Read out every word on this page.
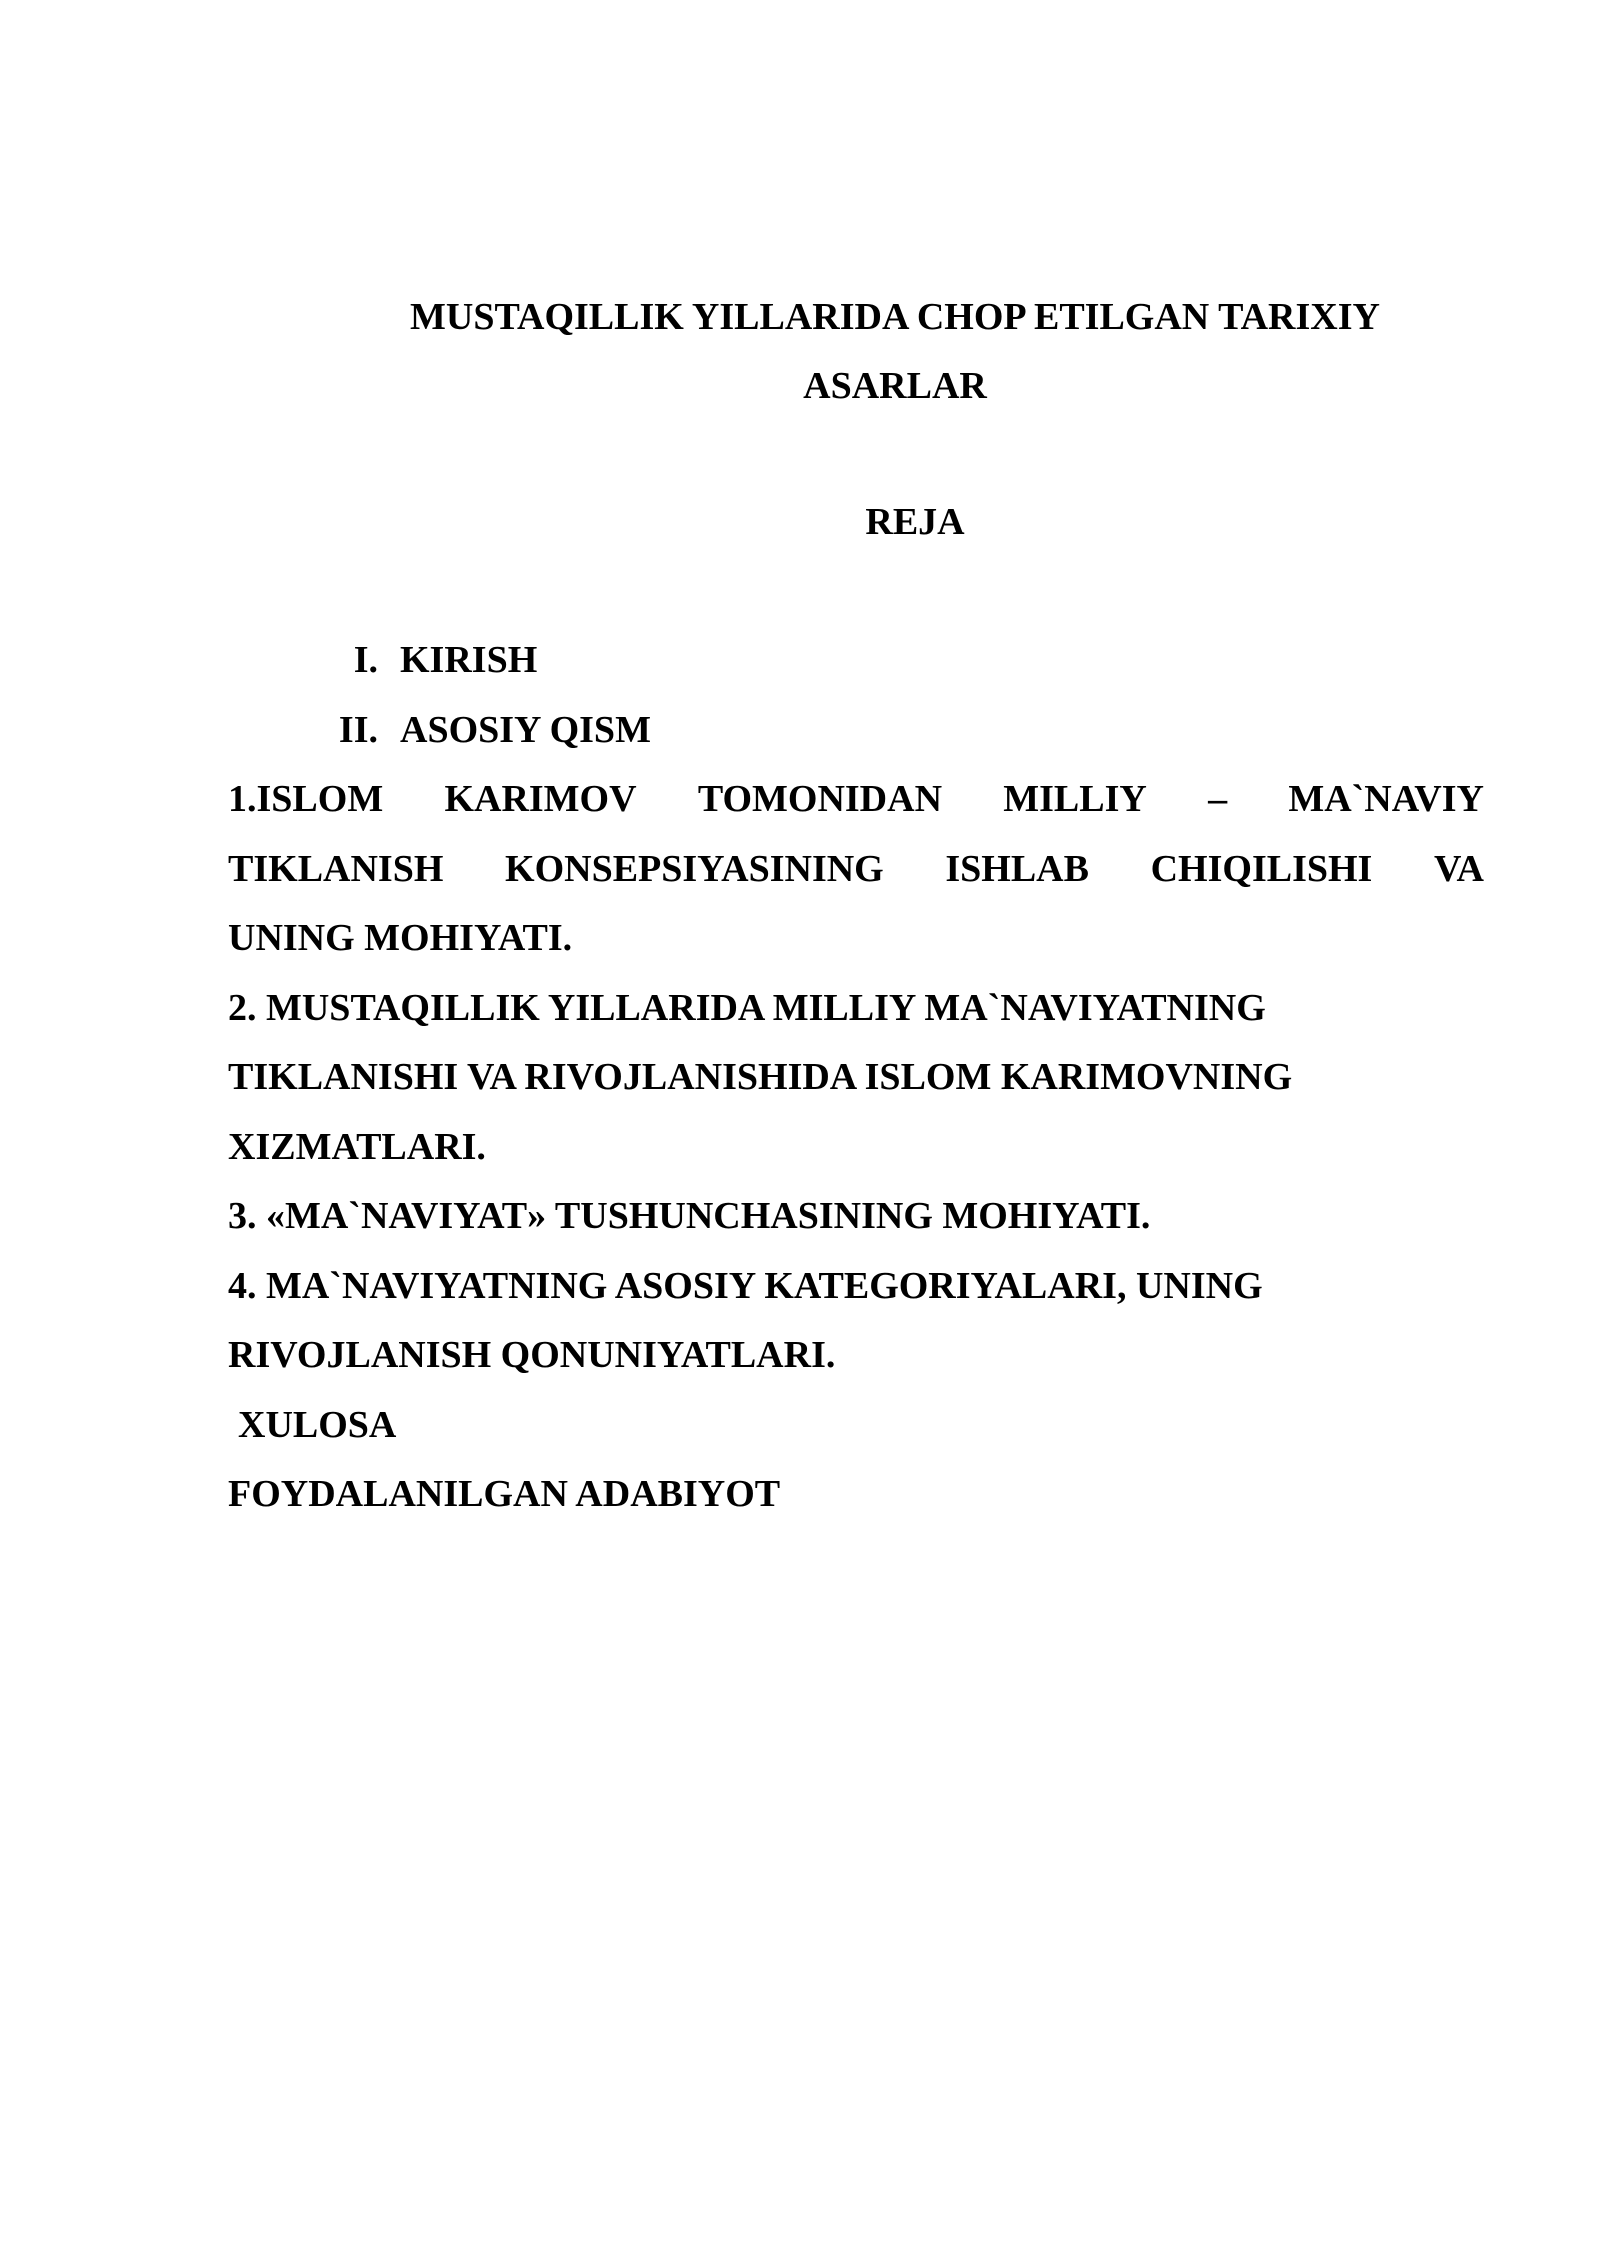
MUSTAQILLIK YILLARIDA CHOP ETILGAN TARIXIY
ASARLAR
REJA
I. KIRISH
II. ASOSIY QISM
1.ISLOM KARIMOV TOMONIDAN MILLIY – MA`NAVIY
TIKLANISH KONSEPSIYASINING ISHLAB CHIQILISHI VA
UNING MOHIYATI.
2. MUSTAQILLIK YILLARIDA MILLIY MA`NAVIYATNING
TIKLANISHI VA RIVOJLANISHIDA ISLOM KARIMOVNING
XIZMATLARI.
3. «MA`NAVIYAT» TUSHUNCHASINING MOHIYATI.
4. MA`NAVIYATNING ASOSIY KATEGORIYALARI, UNING
RIVOJLANISH QONUNIYATLARI.
XULOSA
FOYDALANILGAN ADABIYOT
